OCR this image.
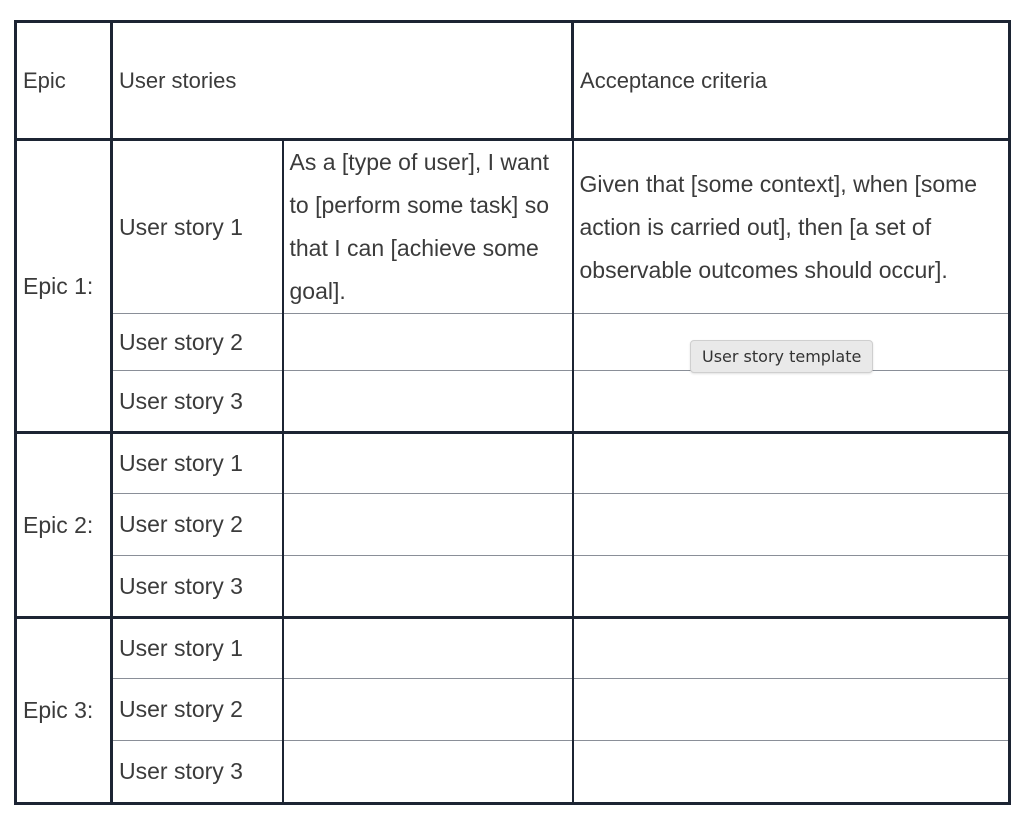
Epic	User stories		Acceptance criteria
Epic 1:	User story 1	As a [type of user], I want to [perform some task] so that I can [achieve some goal].	Given that [some context], when [some action is carried out], then [a set of observable outcomes should occur].
	User story 2		
	User story 3		
Epic 2:	User story 1		
	User story 2		
	User story 3		
Epic 3:	User story 1		
	User story 2		
	User story 3		
User story template
